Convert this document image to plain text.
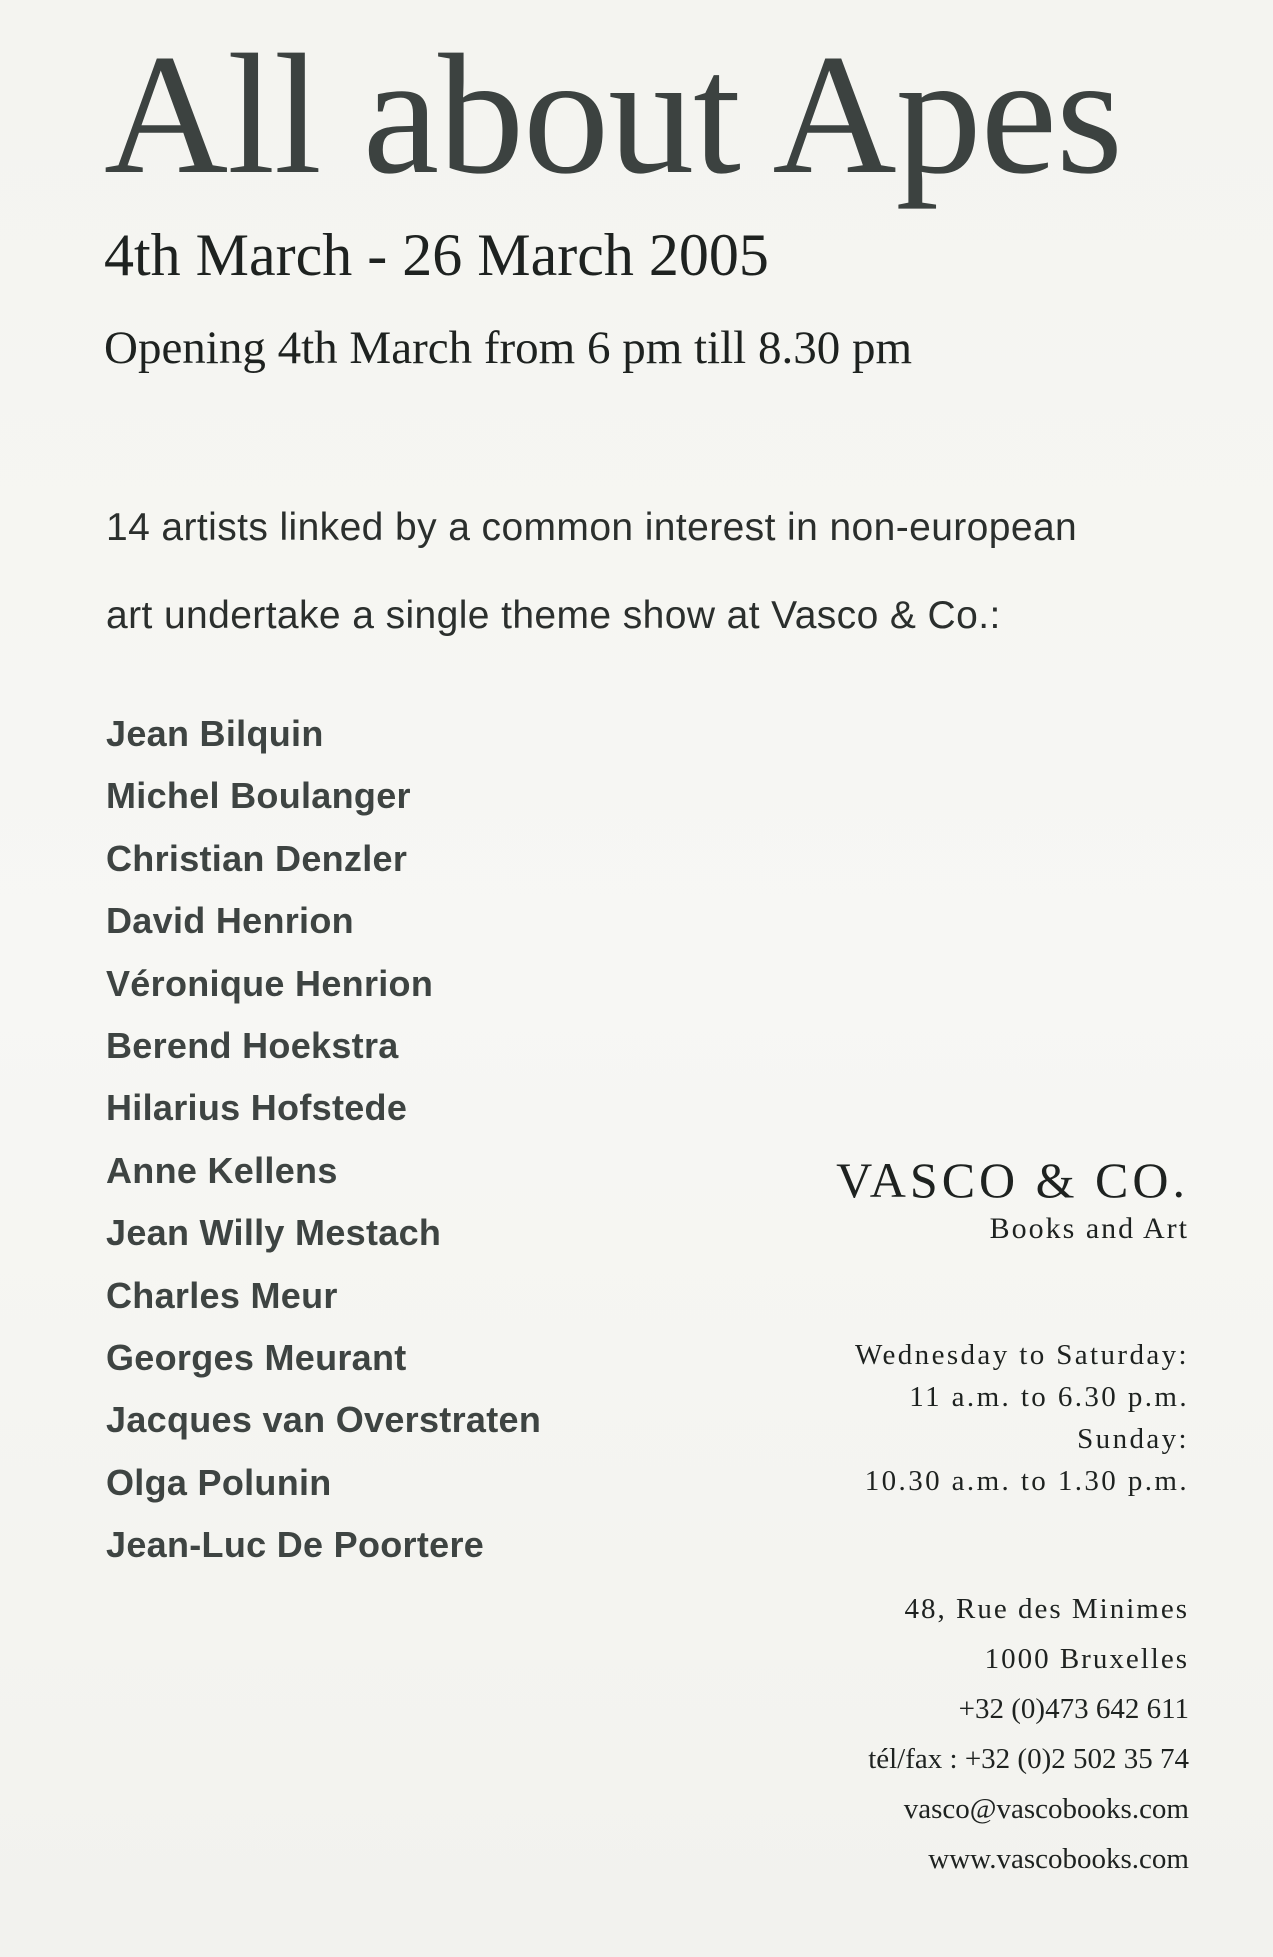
All about Apes
4th March - 26 March 2005
Opening 4th March from 6 pm till 8.30 pm
14 artists linked by a common interest in non-european
art undertake a single theme show at Vasco & Co.:
Jean Bilquin
Michel Boulanger
Christian Denzler
David Henrion
Véronique Henrion
Berend Hoekstra
Hilarius Hofstede
Anne Kellens
Jean Willy Mestach
Charles Meur
Georges Meurant
Jacques van Overstraten
Olga Polunin
Jean-Luc De Poortere
VASCO & CO.
Books and Art
Wednesday to Saturday:
11 a.m. to 6.30 p.m.
Sunday:
10.30 a.m. to 1.30 p.m.
48, Rue des Minimes
1000 Bruxelles
+32 (0)473 642 611
tél/fax : +32 (0)2 502 35 74
vasco@vascobooks.com
www.vascobooks.com
